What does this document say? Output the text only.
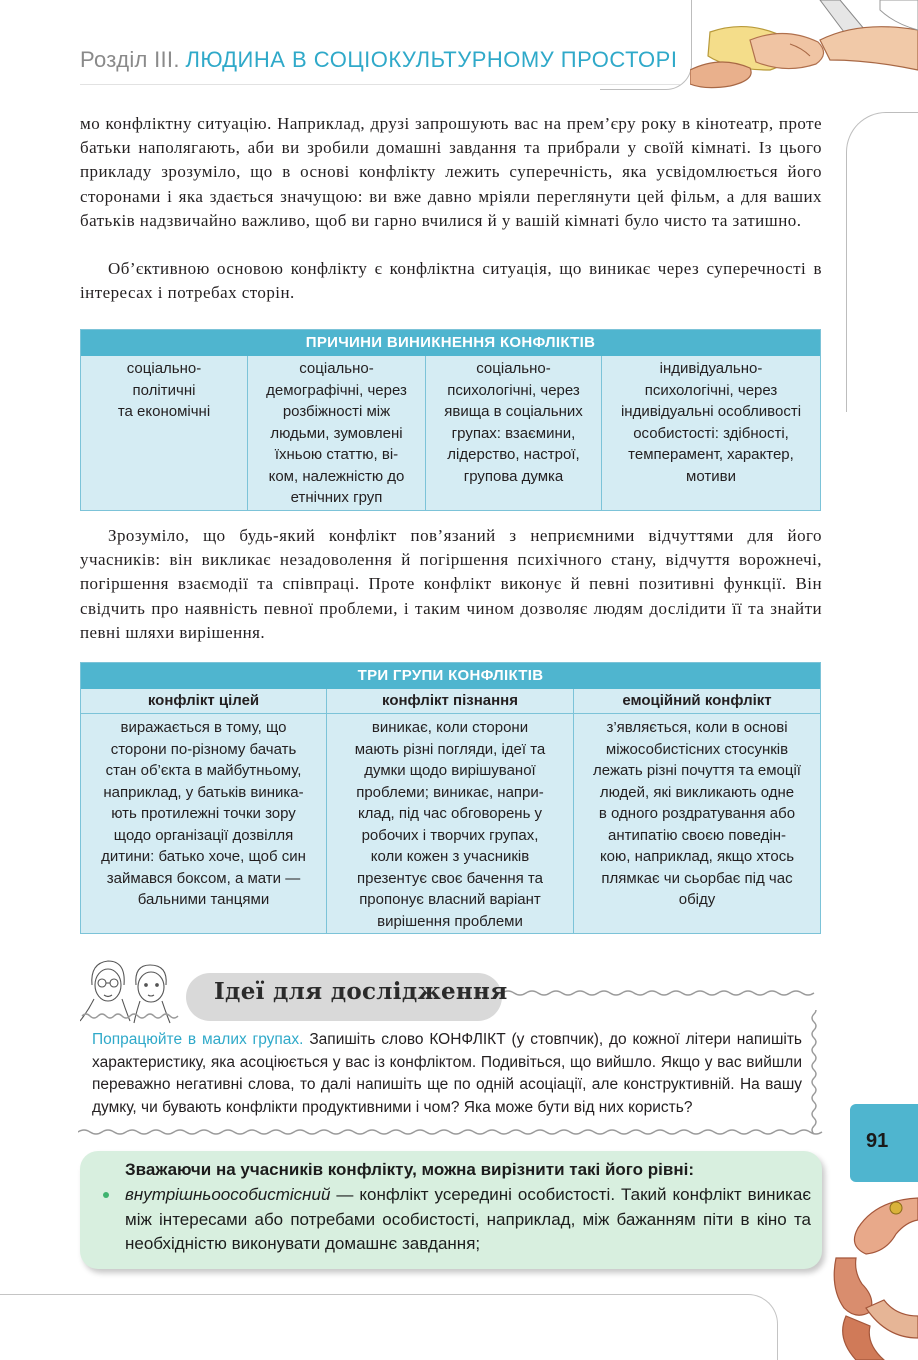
Розділ ІІІ . ЛЮДИНА В СОЦІОКУЛЬТУРНОМУ ПРОСТОРІ
мо конфліктну ситуацію. Наприклад, друзі запрошують вас на прем’єру року в кінотеатр, проте батьки наполягають, аби ви зробили домашні завдання та прибрали у своїй кімнаті. Із цього прикладу зрозуміло, що в основі конфлікту лежить суперечність, яка усвідомлюється його сторонами і яка здається значущою: ви вже давно мріяли переглянути цей фільм, а для ваших батьків надзвичайно важливо, щоб ви гарно вчилися й у вашій кімнаті було чисто та затишно.
Об’єктивною основою конфлікту є конфліктна ситуація, що виникає через суперечності в інтересах і потребах сторін.
ПРИЧИНИ ВИНИКНЕННЯ КОНФЛІКТІВ
соціально-
політичні
та економічні
соціально-
демографічні, через
розбіжності між
людьми, зумовлені
їхньою статтю, ві-
ком, належністю до
етнічних груп
соціально-
психологічні, через
явища в соціальних
групах: взаємини,
лідерство, настрої,
групова думка
індивідуально-
психологічні, через
індивідуальні особливості
особистості: здібності,
темперамент, характер,
мотиви
Зрозуміло, що будь-який конфлікт пов’язаний з неприємними відчуттями для його учасників: він викликає незадоволення й погіршення психічного стану, відчуття ворожнечі, погіршення взаємодії та співпраці. Проте конфлікт виконує й певні позитивні функції. Він свідчить про наявність певної проблеми, і таким чином дозволяє людям дослідити її та знайти певні шляхи вирішення.
ТРИ ГРУПИ КОНФЛІКТІВ
конфлікт цілей	конфлікт пізнання	емоційний конфлікт
виражається в тому, що
сторони по-різному бачать
стан об’єкта в майбутньому,
наприклад, у батьків виника-
ють протилежні точки зору
щодо організації дозвілля
дитини: батько хоче, щоб син
займався боксом, а мати —
бальними танцями
виникає, коли сторони
мають різні погляди, ідеї та
думки щодо вирішуваної
проблеми; виникає, напри-
клад, під час обговорень у
робочих і творчих групах,
коли кожен з учасників
презентує своє бачення та
пропонує власний варіант
вирішення проблеми
з’являється, коли в основі
міжособистісних стосунків
лежать різні почуття та емоції
людей, які викликають одне
в одного роздратування або
антипатію своєю поведін-
кою, наприклад, якщо хтось
плямкає чи сьорбає під час
обіду
Ідеї для дослідження
Попрацюйте в малих групах. Запишіть слово КОНФЛІКТ (у стовпчик), до кожної літери напишіть характеристику, яка асоціюється у вас із конфліктом. Подивіться, що вийшло. Якщо у вас вийшли переважно негативні слова, то далі напишіть ще по одній асоціації, але конструктивній. На вашу думку, чи бувають конфлікти продуктивними і чом? Яка може бути від них користь?
91
Зважаючи на учасників конфлікту, можна вирізнити такі його рівні:
внутрішньоособистісний — конфлікт усередині особистості. Такий конфлікт виникає між інтересами або потребами особистості, наприклад, між бажанням піти в кіно та необхідністю виконувати домашнє завдання;
